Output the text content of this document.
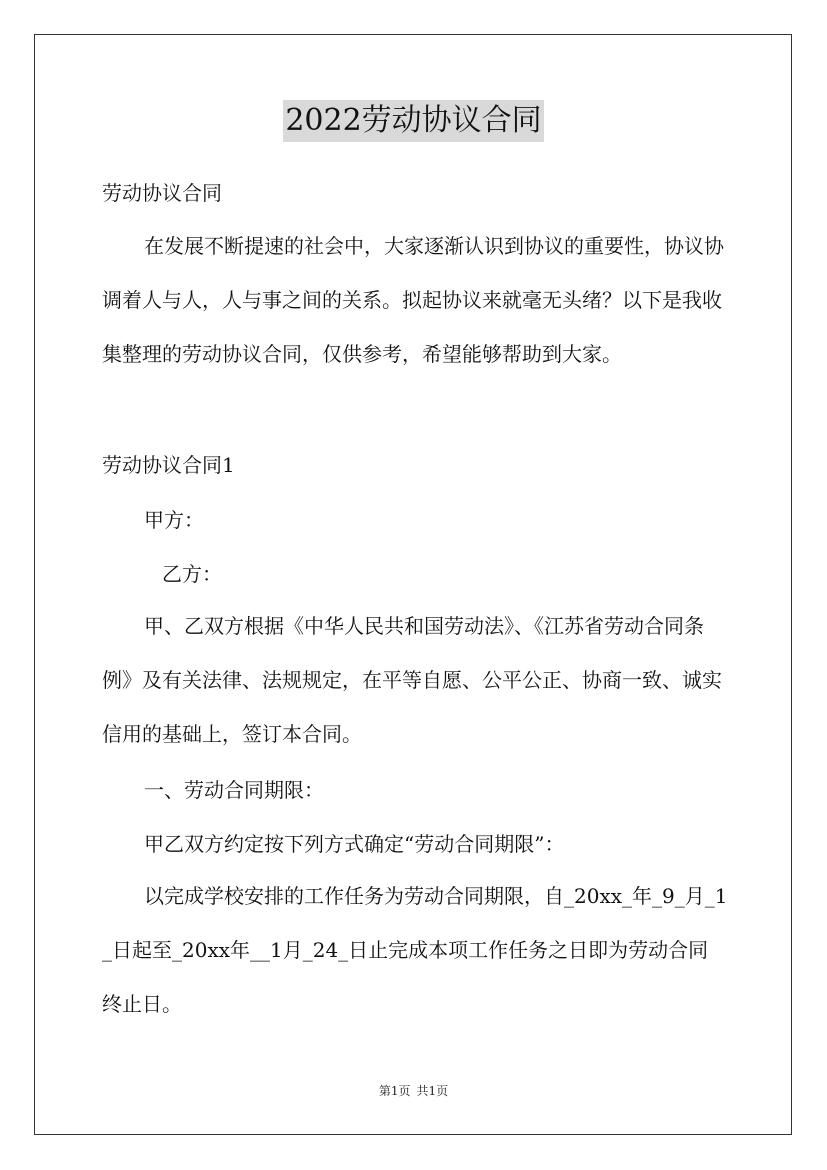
2022劳动协议合同
劳动协议合同
在发展不断提速的社会中，大家逐渐认识到协议的重要性，协议协调着人与人，人与事之间的关系。拟起协议来就毫无头绪？以下是我收集整理的劳动协议合同，仅供参考，希望能够帮助到大家。
劳动协议合同1
甲方：
乙方：
甲、乙双方根据《中华人民共和国劳动法》、《江苏省劳动合同条例》及有关法律、法规规定，在平等自愿、公平公正、协商一致、诚实信用的基础上，签订本合同。
一、劳动合同期限：
甲乙双方约定按下列方式确定“劳动合同期限”：
以完成学校安排的工作任务为劳动合同期限，自_20xx_年_9_月_1_日起至_20xx年__1月_24_日止完成本项工作任务之日即为劳动合同终止日。
第1页 共1页
